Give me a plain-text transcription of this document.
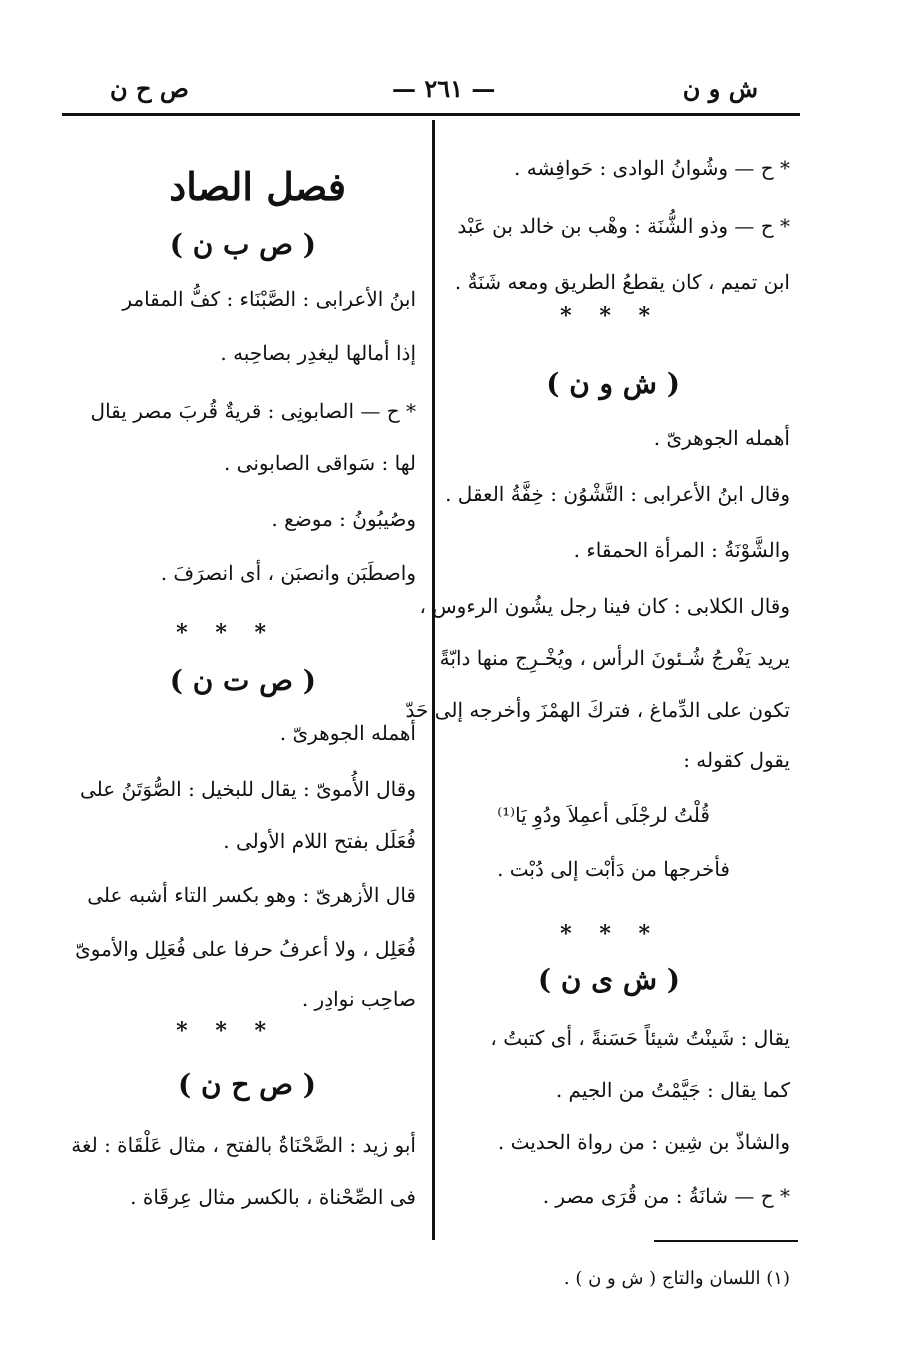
ش و ن
— ٢٦١ —
ص ح ن
* ح — وشُوانُ الوادى : حَوافِشه .
* ح — وذو الشُّنَة : وهْب بن خالد بن عَبْد
ابن تميم ، كان يقطعُ الطريق ومعه شَنَةٌ .
* * *
( ش و ن )
أهمله الجوهرىّ .
وقال ابنُ الأعرابى : التَّشْوُن : خِفَّةُ العقل .
والشَّوْنَةُ : المرأة الحمقاء .
وقال الكلابى : كان فينا رجل يشُون الرءوس ،
يريد يَفْرجُ شُـئونَ الرأس ، ويُخْـرِج منها دابّةً
تكون على الدِّماغ ، فتركَ الهمْزَ وأخرجه إلى حَدّ
يقول كقوله :
قُلْتُ لرجْلَى أعمِلاَ ودُوِ يَا⁽¹⁾
فأخرجها من دَأبْت إلى دُبْت .
* * *
( ش ى ن )
يقال : شَينْتُ شيئاً حَسَنةً ، أى كتبتُ ،
كما يقال : جَيَّمْتُ من الجيم .
والشاذّ بن شِين : من رواة الحديث .
* ح — شانَةُ : من قُرَى مصر .
فصل الصاد
( ص ب ن )
ابنُ الأعرابى : الصَّبْنَاء : كفُّ المقامر
إذا أمالها ليغدِر بصاحِبه .
* ح — الصابونِى : قريةٌ قُربَ مصر يقال
لها : سَواقى الصابونى .
وصُيبُونُ : موضع .
واصطَبَن وانصبَن ، أى انصرَفَ .
* * *
( ص ت ن )
أهمله الجوهرىّ .
وقال الأُموىّ : يقال للبخيل : الصُّوَتَنُ على
فُعَلَل بفتح اللام الأولى .
قال الأزهرىّ : وهو بكسر التاء أشبه على
فُعَلِل ، ولا أعرفُ حرفا على فُعَلِل والأموىّ
صاحِب نوادِر .
* * *
( ص ح ن )
أبو زيد : الصَّحْنَاةُ بالفتح ، مثال عَلْقَاة : لغة
فى الصِّحْناة ، بالكسر مثال عِرقَاة .
(١) اللسان والتاج ( ش و ن ) .
